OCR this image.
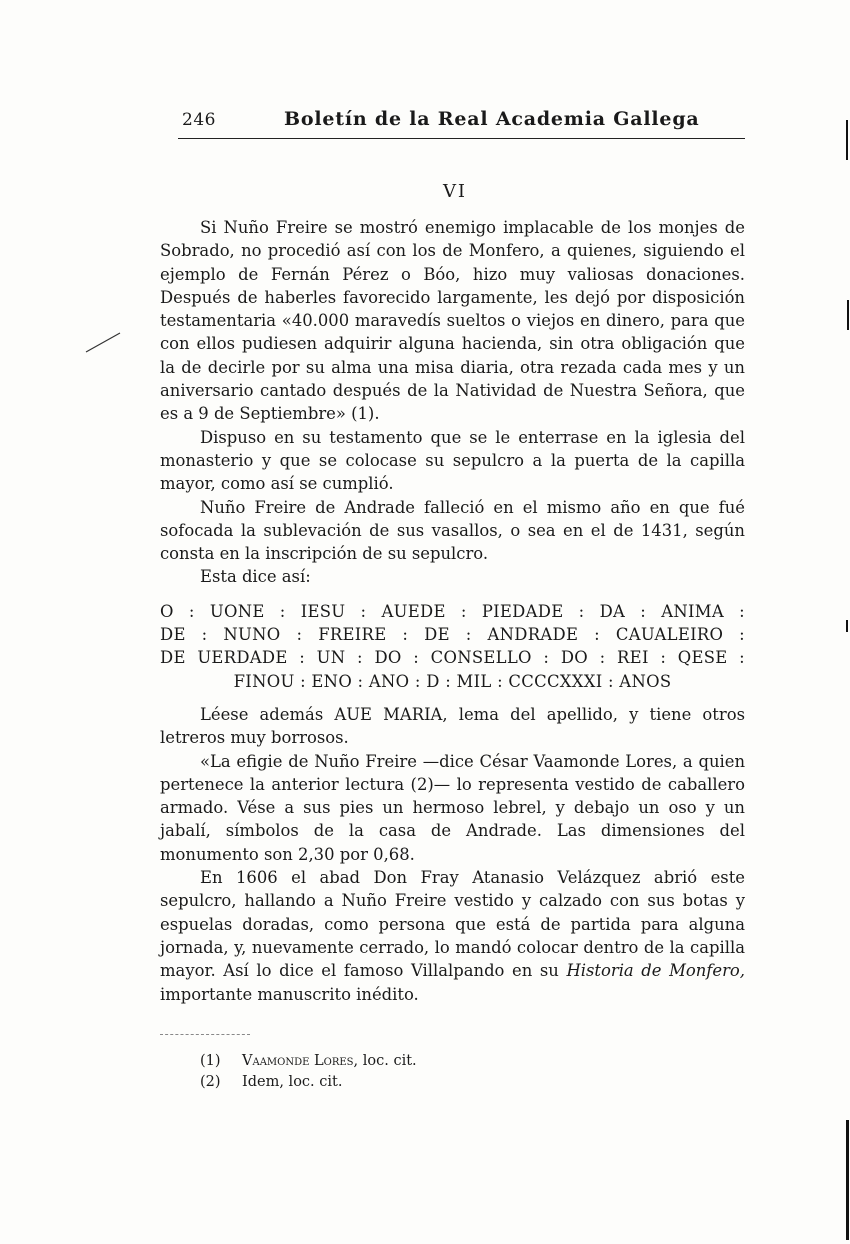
246	Boletín de la Real Academia Gallega
VI

Si Nuño Freire se mostró enemigo implacable de los monjes de Sobrado, no procedió así con los de Monfero, a quienes, siguiendo el ejemplo de Fernán Pérez o Bóo, hizo muy valiosas donaciones. Después de haberles favorecido largamente, les dejó por disposición testamentaria «40.000 maravedís sueltos o viejos en dinero, para que con ellos pudiesen adquirir alguna hacienda, sin otra obligación que la de decirle por su alma una misa diaria, otra rezada cada mes y un aniversario cantado después de la Natividad de Nuestra Señora, que es a 9 de Septiembre» (1).

Dispuso en su testamento que se le enterrase en la iglesia del monasterio y que se colocase su sepulcro a la puerta de la capilla mayor, como así se cumplió.

Nuño Freire de Andrade falleció en el mismo año en que fué sofocada la sublevación de sus vasallos, o sea en el de 1431, según consta en la inscripción de su sepulcro.

Esta dice así:

O : UONE : IESU : AUEDE : PIEDADE : DA : ANIMA :
DE : NUNO : FREIRE : DE : ANDRADE : CAUALEIRO :
DE UERDADE : UN : DO : CONSELLO : DO : REI : QESE :
FINOU : ENO : ANO : D : MIL : CCCCXXXI : ANOS

Léese además AUE MARIA, lema del apellido, y tiene otros letreros muy borrosos.

«La efigie de Nuño Freire —dice César Vaamonde Lores, a quien pertenece la anterior lectura (2)— lo representa vestido de caballero armado. Vése a sus pies un hermoso lebrel, y debajo un oso y un jabalí, símbolos de la casa de Andrade. Las dimensiones del monumento son 2,30 por 0,68.

En 1606 el abad Don Fray Atanasio Velázquez abrió este sepulcro, hallando a Nuño Freire vestido y calzado con sus botas y espuelas doradas, como persona que está de partida para alguna jornada, y, nuevamente cerrado, lo mandó colocar dentro de la capilla mayor. Así lo dice el famoso Villalpando en su Historia de Monfero, importante manuscrito inédito.

(1) Vaamonde Lores, loc. cit.
(2) Idem, loc. cit.
